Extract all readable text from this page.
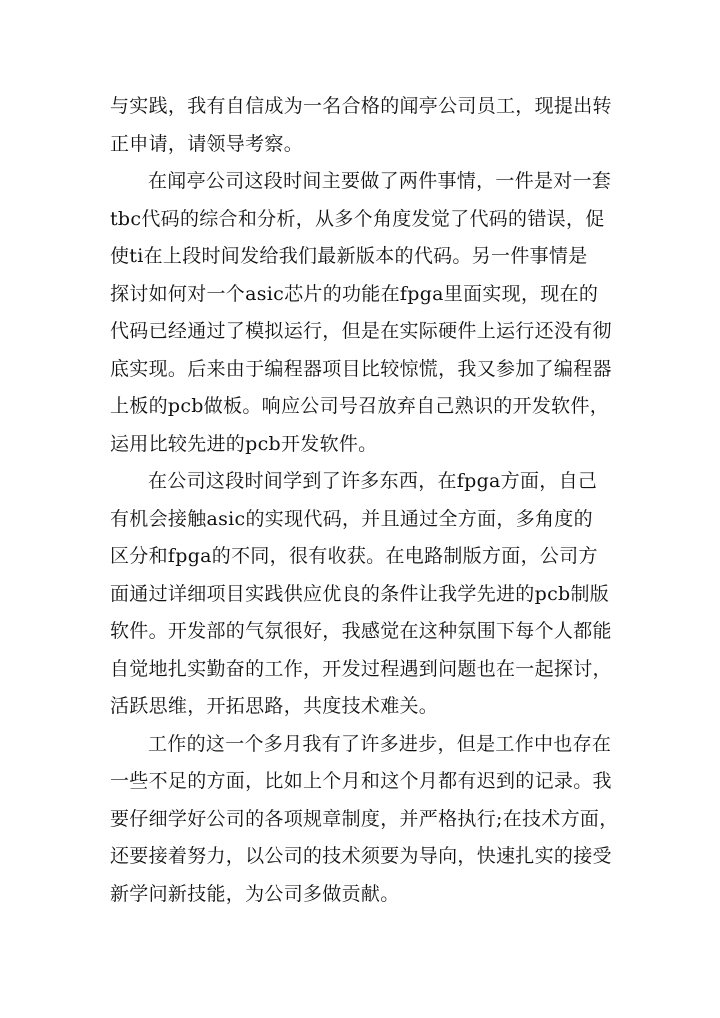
与实践，我有自信成为一名合格的闻亭公司员工，现提出转
正申请，请领导考察。

在闻亭公司这段时间主要做了两件事情，一件是对一套
tbc代码的综合和分析，从多个角度发觉了代码的错误，促
使ti在上段时间发给我们最新版本的代码。另一件事情是
探讨如何对一个asic芯片的功能在fpga里面实现，现在的
代码已经通过了模拟运行，但是在实际硬件上运行还没有彻
底实现。后来由于编程器项目比较惊慌，我又参加了编程器
上板的pcb做板。响应公司号召放弃自己熟识的开发软件，
运用比较先进的pcb开发软件。

在公司这段时间学到了许多东西，在fpga方面，自己
有机会接触asic的实现代码，并且通过全方面，多角度的
区分和fpga的不同，很有收获。在电路制版方面，公司方
面通过详细项目实践供应优良的条件让我学先进的pcb制版
软件。开发部的气氛很好，我感觉在这种氛围下每个人都能
自觉地扎实勤奋的工作，开发过程遇到问题也在一起探讨，
活跃思维，开拓思路，共度技术难关。

工作的这一个多月我有了许多进步，但是工作中也存在
一些不足的方面，比如上个月和这个月都有迟到的记录。我
要仔细学好公司的各项规章制度，并严格执行;在技术方面，
还要接着努力，以公司的技术须要为导向，快速扎实的接受
新学问新技能，为公司多做贡献。
